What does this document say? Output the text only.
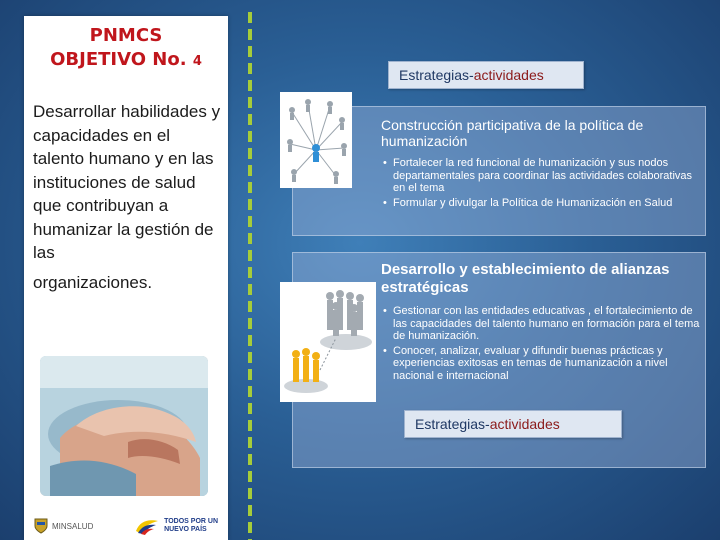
PNMCS
OBJETIVO No. 4
Desarrollar habilidades y capacidades en el talento humano y en las instituciones de salud que contribuyan a humanizar la gestión de las
organizaciones.
MINSALUD	TODOS POR UN
NUEVO PAÍS
Estrategias-actividades
Construcción participativa de la política de humanización
• Fortalecer la red funcional de humanización y sus nodos departamentales para coordinar las actividades colaborativas en el tema
• Formular y divulgar la Política de Humanización en Salud
Desarrollo y establecimiento de alianzas estratégicas
• Gestionar con las entidades educativas , el fortalecimiento de las capacidades del talento humano en formación para el tema de humanización.
• Conocer, analizar, evaluar y difundir buenas prácticas y experiencias exitosas en temas de humanización a nivel nacional e internacional
Estrategias-actividades
